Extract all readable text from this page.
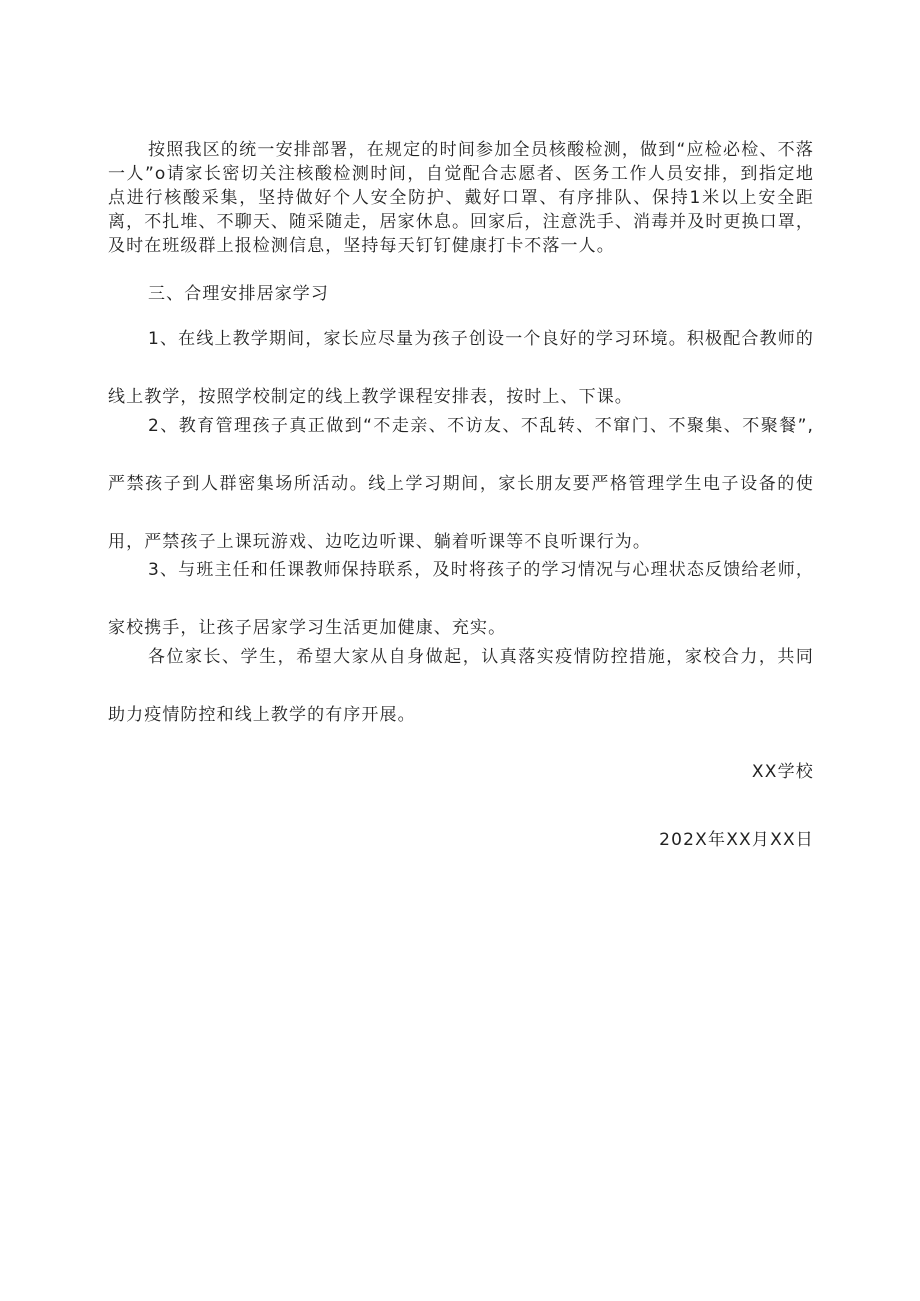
按照我区的统一安排部署，在规定的时间参加全员核酸检测，做到“应检必检、不落一人”o请家长密切关注核酸检测时间，自觉配合志愿者、医务工作人员安排，到指定地点进行核酸采集，坚持做好个人安全防护、戴好口罩、有序排队、保持1米以上安全距离，不扎堆、不聊天、随采随走，居家休息。回家后，注意洗手、消毒并及时更换口罩，及时在班级群上报检测信息，坚持每天钉钉健康打卡不落一人。

三、合理安排居家学习

1、在线上教学期间，家长应尽量为孩子创设一个良好的学习环境。积极配合教师的线上教学，按照学校制定的线上教学课程安排表，按时上、下课。

2、教育管理孩子真正做到“不走亲、不访友、不乱转、不窜门、不聚集、不聚餐”,严禁孩子到人群密集场所活动。线上学习期间，家长朋友要严格管理学生电子设备的使用，严禁孩子上课玩游戏、边吃边听课、躺着听课等不良听课行为。

3、与班主任和任课教师保持联系，及时将孩子的学习情况与心理状态反馈给老师，家校携手，让孩子居家学习生活更加健康、充实。

各位家长、学生，希望大家从自身做起，认真落实疫情防控措施，家校合力，共同助力疫情防控和线上教学的有序开展。

XX学校

202X年XX月XX日
